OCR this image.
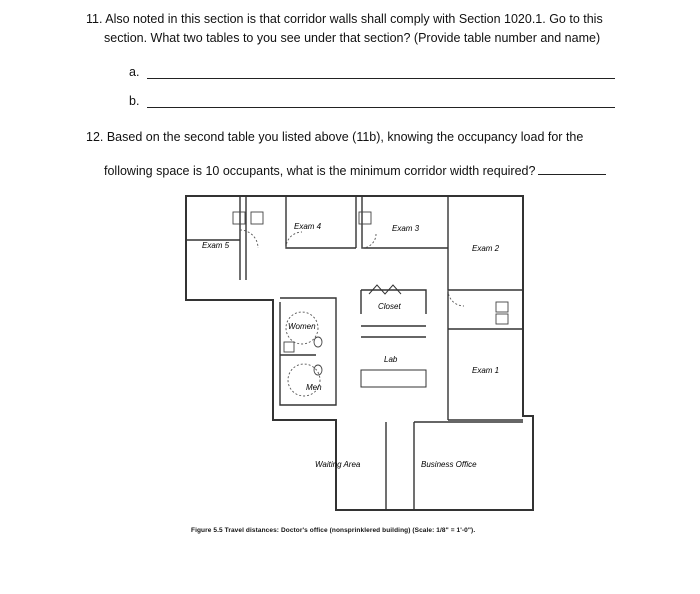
11. Also noted in this section is that corridor walls shall comply with Section 1020.1. Go to this
section. What two tables to you see under that section? (Provide table number and name)
a.
b.
12. Based on the second table you listed above (11b), knowing the occupancy load for the
following space is 10 occupants, what is the minimum corridor width required?
Exam 4	Exam 3
Exam 2
Exam 5
Exam 1
Closet
Women
Lab
Men
Waiting Area	Business Office
Figure 5.5 Travel distances: Doctor's office (nonsprinklered building) (Scale: 1/8" = 1'-0").
